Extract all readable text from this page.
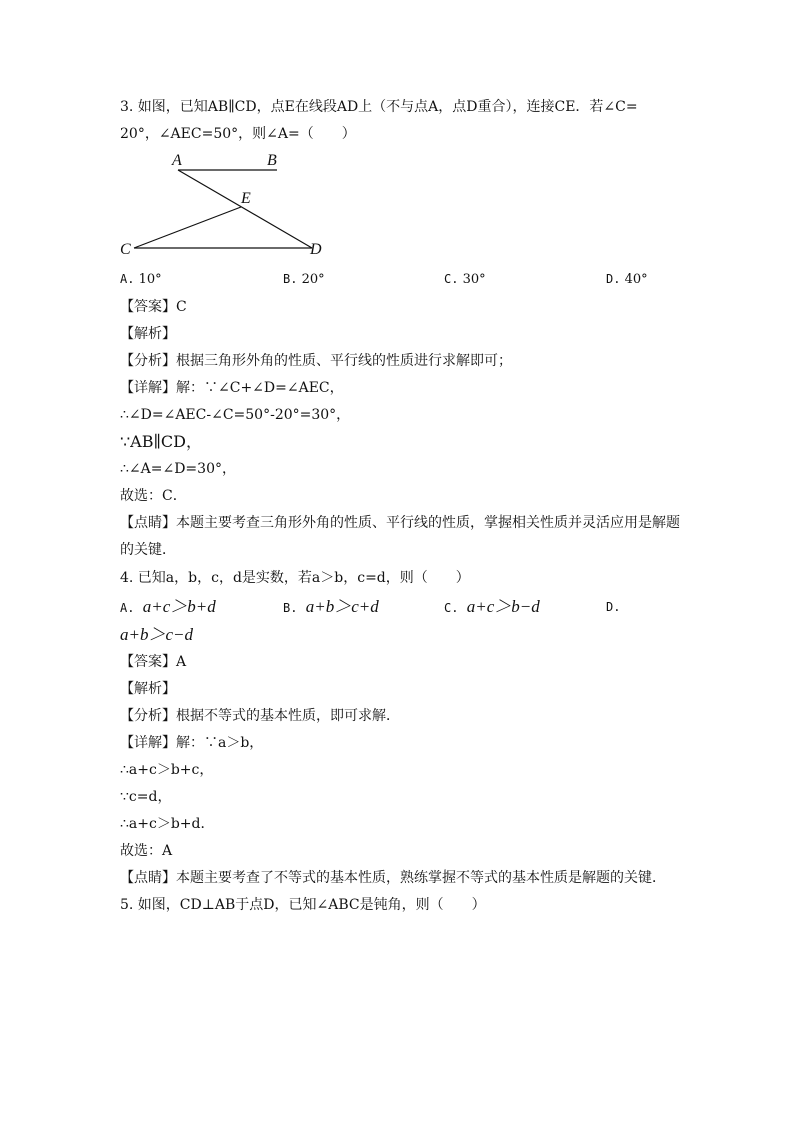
3. 如图，已知AB∥CD，点E在线段AD上（不与点A，点D重合），连接CE．若∠C=
20°，∠AEC=50°，则∠A=（　　）
A	B
E
C	D
A. 10°	B. 20°	C. 30°	D. 40°
【答案】C
【解析】
【分析】根据三角形外角的性质、平行线的性质进行求解即可；
【详解】解：∵∠C+∠D=∠AEC，
∴∠D=∠AEC-∠C=50°-20°=30°，
∵AB∥CD，
∴∠A=∠D=30°，
故选：C．
【点睛】本题主要考查三角形外角的性质、平行线的性质，掌握相关性质并灵活应用是解题
的关键．
4. 已知a，b，c，d是实数，若a＞b，c=d，则（　　）
A. a+c＞b+d	B. a+b＞c+d	C. a+c＞b−d	D.
a+b＞c−d
【答案】A
【解析】
【分析】根据不等式的基本性质，即可求解．
【详解】解：∵a＞b，
∴a+c＞b+c，
∵c=d，
∴a+c＞b+d．
故选：A
【点睛】本题主要考查了不等式的基本性质，熟练掌握不等式的基本性质是解题的关键．
5. 如图，CD⊥AB于点D，已知∠ABC是钝角，则（　　）
